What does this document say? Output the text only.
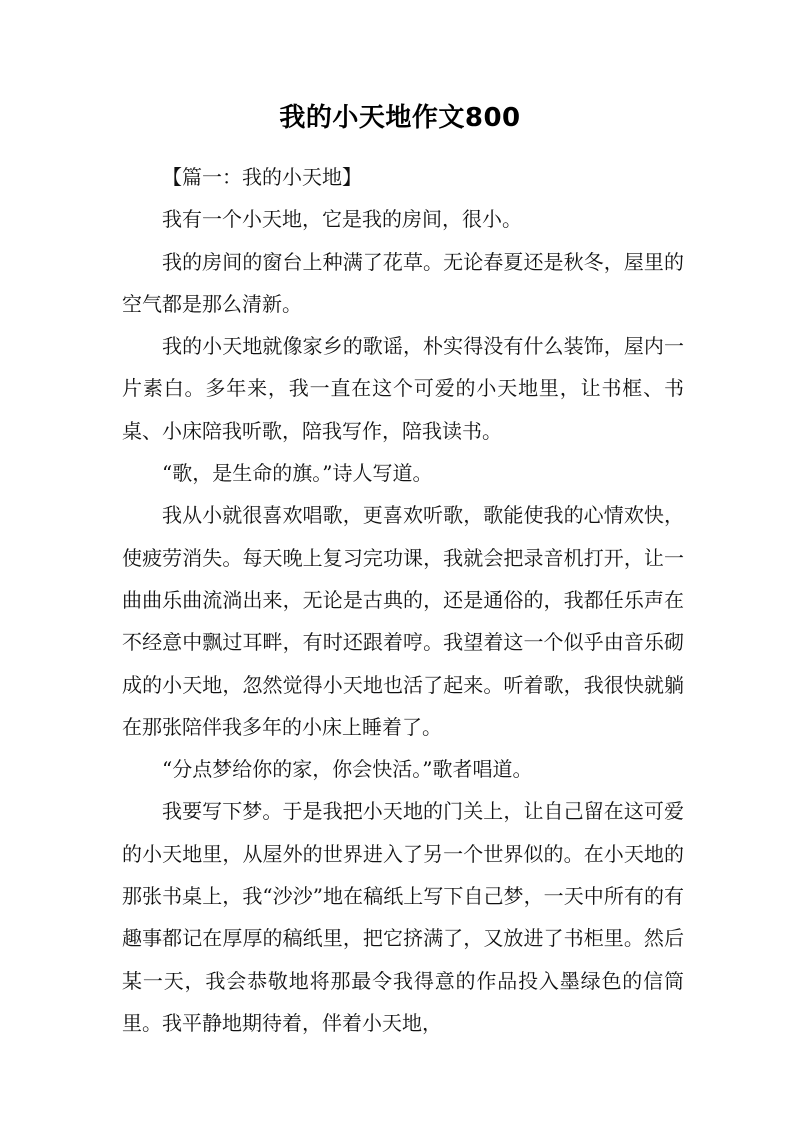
我的小天地作文800

【篇一：我的小天地】

我有一个小天地，它是我的房间，很小。

我的房间的窗台上种满了花草。无论春夏还是秋冬，屋里的空气都是那么清新。

我的小天地就像家乡的歌谣，朴实得没有什么装饰，屋内一片素白。多年来，我一直在这个可爱的小天地里，让书框、书桌、小床陪我听歌，陪我写作，陪我读书。

“歌，是生命的旗。”诗人写道。

我从小就很喜欢唱歌，更喜欢听歌，歌能使我的心情欢快，使疲劳消失。每天晚上复习完功课，我就会把录音机打开，让一曲曲乐曲流淌出来，无论是古典的，还是通俗的，我都任乐声在不经意中飘过耳畔，有时还跟着哼。我望着这一个似乎由音乐砌成的小天地，忽然觉得小天地也活了起来。听着歌，我很快就躺在那张陪伴我多年的小床上睡着了。

“分点梦给你的家，你会快活。”歌者唱道。

我要写下梦。于是我把小天地的门关上，让自己留在这可爱的小天地里，从屋外的世界进入了另一个世界似的。在小天地的那张书桌上，我“沙沙”地在稿纸上写下自己梦，一天中所有的有趣事都记在厚厚的稿纸里，把它挤满了，又放进了书柜里。然后某一天，我会恭敬地将那最令我得意的作品投入墨绿色的信筒里。我平静地期待着，伴着小天地，
